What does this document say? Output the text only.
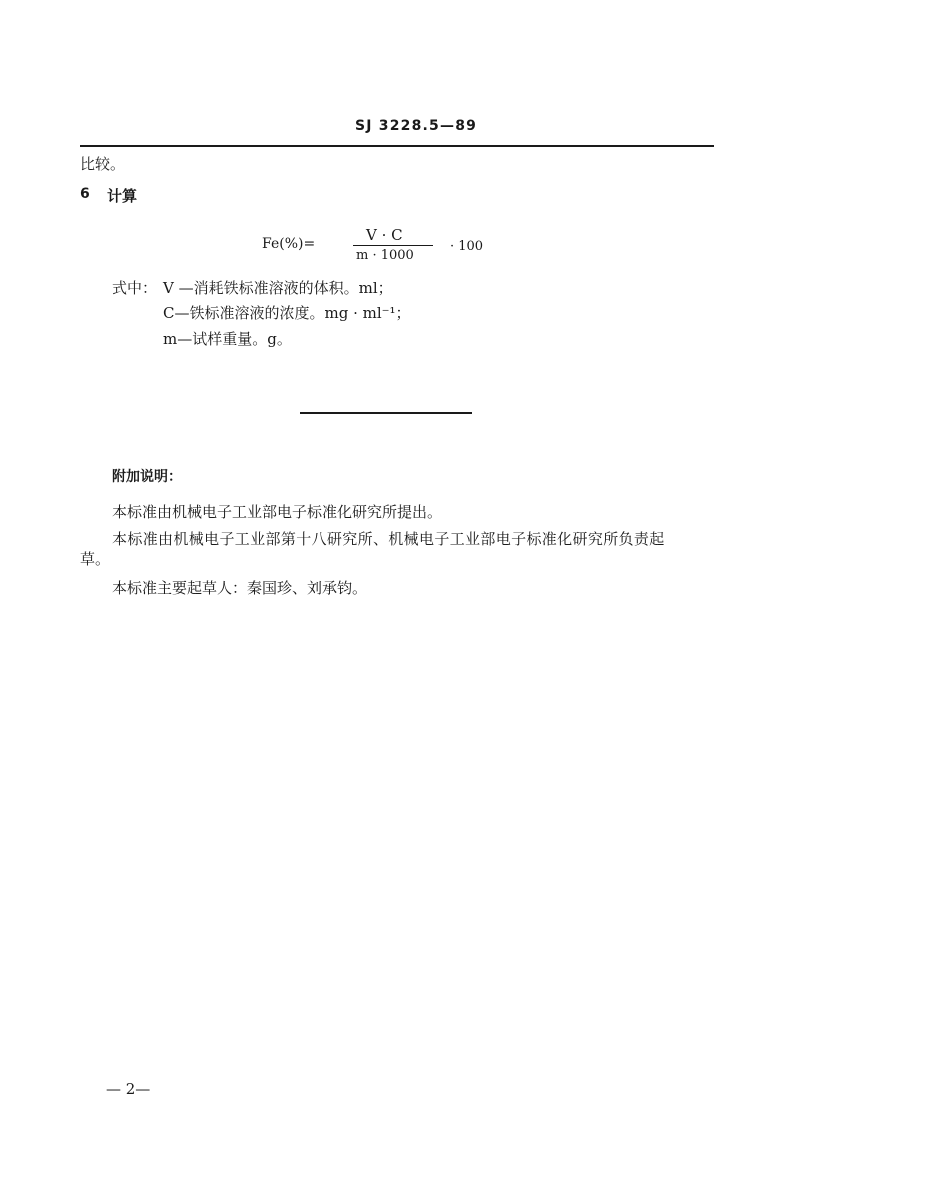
SJ 3228.5—89
比较。
6 计算
Fe(%)=	V · C
m · 1000
· 100
式中： V —消耗铁标准溶液的体积。ml；
C—铁标准溶液的浓度。mg · ml⁻¹；
m—试样重量。g。
附加说明：
本标准由机械电子工业部电子标准化研究所提出。
本标准由机械电子工业部第十八研究所、机械电子工业部电子标准化研究所负责起
草。
本标准主要起草人：秦国珍、刘承钧。
— 2—
